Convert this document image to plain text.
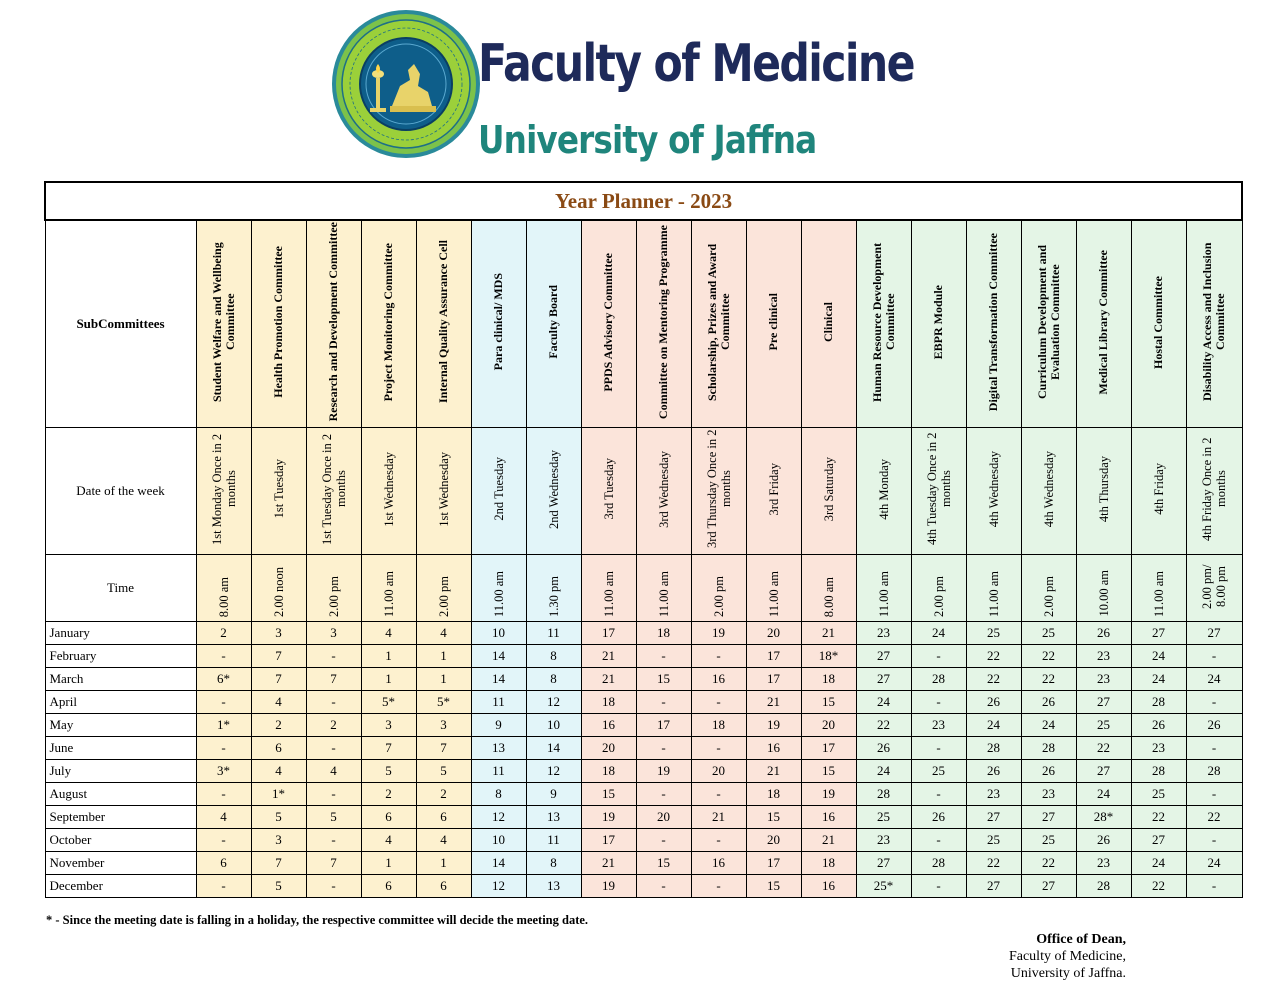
Faculty of Medicine
University of Jaffna
Year Planner - 2023																			
SubCommittees	Student Welfare and Wellbeing Committee	Health Promotion Committee	Research and Development Committee	Project Monitoring Committee	Internal Quality Assurance Cell	Para clinical/ MDS	Faculty Board	PPDS Advisory Committee	Committee on Mentoring Programme	Scholarship, Prizes and Award Committee	Pre clinical	Clinical	Human Resource Development Committee	EBPR Module	Digital Transformation Committee	Curriculum Development and Evaluation Committee	Medical Library Committee	Hostal Committee	Disability Access and Inclusion Committee
Date of the week	1st Monday Once in 2 months	1st Tuesday	1st Tuesday Once in 2 months	1st Wednesday	1st Wednesday	2nd Tuesday	2nd Wednesday	3rd Tuesday	3rd Wednesday	3rd Thursday Once in 2 months	3rd Friday	3rd Saturday	4th Monday	4th Tuesday Once in 2 months	4th Wednesday	4th Wednesday	4th Thursday	4th Friday	4th Friday Once in 2 months
Time	8.00 am	2.00 noon	2.00 pm	11.00 am	2.00 pm	11.00 am	1.30 pm	11.00 am	11.00 am	2.00 pm	11.00 am	8.00 am	11.00 am	2.00 pm	11.00 am	2.00 pm	10.00 am	11.00 am	2.00 pm/ 8.00 pm
January	2	3	3	4	4	10	11	17	18	19	20	21	23	24	25	25	26	27	27
February	-	7	-	1	1	14	8	21	-	-	17	18*	27	-	22	22	23	24	-
March	6*	7	7	1	1	14	8	21	15	16	17	18	27	28	22	22	23	24	24
April	-	4	-	5*	5*	11	12	18	-	-	21	15	24	-	26	26	27	28	-
May	1*	2	2	3	3	9	10	16	17	18	19	20	22	23	24	24	25	26	26
June	-	6	-	7	7	13	14	20	-	-	16	17	26	-	28	28	22	23	-
July	3*	4	4	5	5	11	12	18	19	20	21	15	24	25	26	26	27	28	28
August	-	1*	-	2	2	8	9	15	-	-	18	19	28	-	23	23	24	25	-
September	4	5	5	6	6	12	13	19	20	21	15	16	25	26	27	27	28*	22	22
October	-	3	-	4	4	10	11	17	-	-	20	21	23	-	25	25	26	27	-
November	6	7	7	1	1	14	8	21	15	16	17	18	27	28	22	22	23	24	24
December	-	5	-	6	6	12	13	19	-	-	15	16	25*	-	27	27	28	22	-
* - Since the meeting date is falling in a holiday, the respective committee will decide the meeting date.
Office of Dean,
Faculty of Medicine,
University of Jaffna.
